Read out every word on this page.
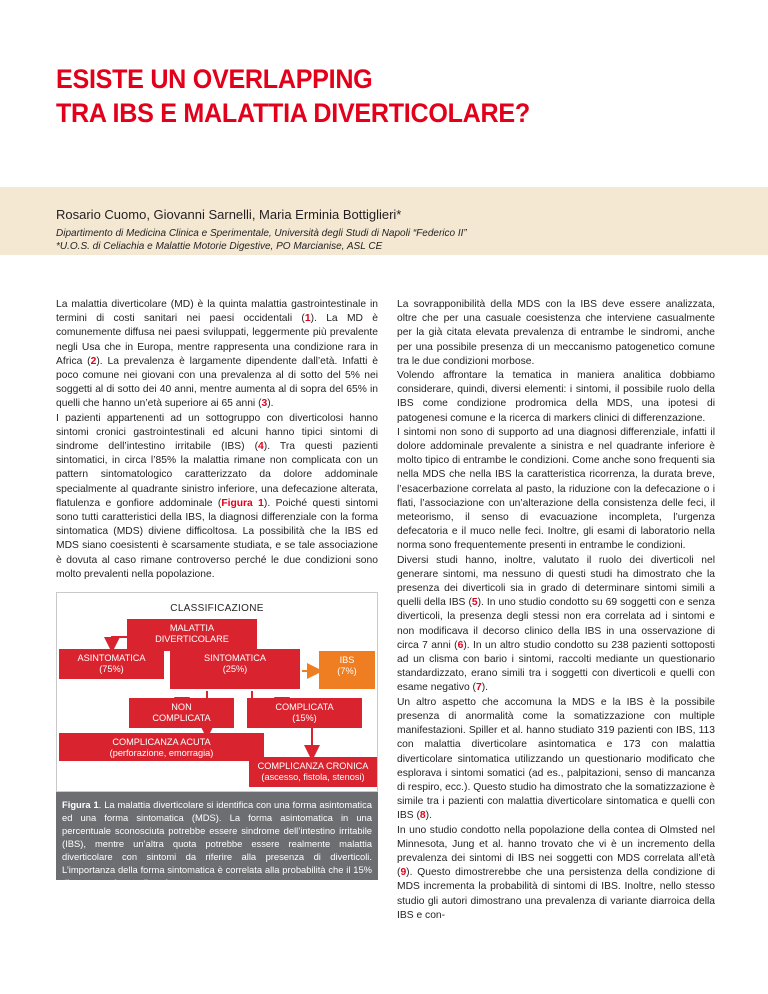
ESISTE UN OVERLAPPING
TRA IBS E MALATTIA DIVERTICOLARE?

Rosario Cuomo, Giovanni Sarnelli, Maria Erminia Bottiglieri*

Dipartimento di Medicina Clinica e Sperimentale, Università degli Studi di Napoli “Federico II”
*U.O.S. di Celiachia e Malattie Motorie Digestive, PO Marcianise, ASL CE

La malattia diverticolare (MD) è la quinta malattia gastrointestinale in termini di costi sanitari nei paesi occidentali (1). La MD è comunemente diffusa nei paesi sviluppati, leggermente più prevalente negli Usa che in Europa, mentre rappresenta una condizione rara in Africa (2). La prevalenza è largamente dipendente dall’età. Infatti è poco comune nei giovani con una prevalenza al di sotto del 5% nei soggetti al di sotto dei 40 anni, mentre aumenta al di sopra del 65% in quelli che hanno un’età superiore ai 65 anni (3).

I pazienti appartenenti ad un sottogruppo con diverticolosi hanno sintomi cronici gastrointestinali ed alcuni hanno tipici sintomi di sindrome dell’intestino irritabile (IBS) (4). Tra questi pazienti sintomatici, in circa l’85% la malattia rimane non complicata con un pattern sintomatologico caratterizzato da dolore addominale specialmente al quadrante sinistro inferiore, una defecazione alterata, flatulenza e gonfiore addominale (Figura 1). Poiché questi sintomi sono tutti caratteristici della IBS, la diagnosi differenziale con la forma sintomatica (MDS) diviene difficoltosa. La possibilità che la IBS ed MDS siano coesistenti è scarsamente studiata, e se tale associazione è dovuta al caso rimane controverso perché le due condizioni sono molto prevalenti nella popolazione.

CLASSIFICAZIONE
MALATTIA
DIVERTICOLARE
ASINTOMATICA
(75%)
SINTOMATICA
(25%)
IBS
(7%)
NON
COMPLICATA
COMPLICATA
(15%)
COMPLICANZA ACUTA
(perforazione, emorragia)
COMPLICANZA CRONICA
(ascesso, fistola, stenosi)
Figura 1. La malattia diverticolare si identifica con una forma asintomatica ed una forma sintomatica (MDS). La forma asintomatica in una percentuale sconosciuta potrebbe essere sindrome dell’intestino irritabile (IBS), mentre un’altra quota potrebbe essere realmente malattia diverticolare con sintomi da riferire alla presenza di diverticoli. L’importanza della forma sintomatica è correlata alla probabilità che il 15% di questa può complicarsi.

La sovrapponibilità della MDS con la IBS deve essere analizzata, oltre che per una casuale coesistenza che interviene casualmente per la già citata elevata prevalenza di entrambe le sindromi, anche per una possibile presenza di un meccanismo patogenetico comune tra le due condizioni morbose.

Volendo affrontare la tematica in maniera analitica dobbiamo considerare, quindi, diversi elementi: i sintomi, il possibile ruolo della IBS come condizione prodromica della MDS, una ipotesi di patogenesi comune e la ricerca di markers clinici di differenzazione.

I sintomi non sono di supporto ad una diagnosi differenziale, infatti il dolore addominale prevalente a sinistra e nel quadrante inferiore è molto tipico di entrambe le condizioni. Come anche sono frequenti sia nella MDS che nella IBS la caratteristica ricorrenza, la durata breve, l’esacerbazione correlata al pasto, la riduzione con la defecazione o i flati, l’associazione con un’alterazione della consistenza delle feci, il meteorismo, il senso di evacuazione incompleta, l’urgenza defecatoria e il muco nelle feci. Inoltre, gli esami di laboratorio nella norma sono frequentemente presenti in entrambe le condizioni.

Diversi studi hanno, inoltre, valutato il ruolo dei diverticoli nel generare sintomi, ma nessuno di questi studi ha dimostrato che la presenza dei diverticoli sia in grado di determinare sintomi simili a quelli della IBS (5). In uno studio condotto su 69 soggetti con e senza diverticoli, la presenza degli stessi non era correlata ad i sintomi e non modificava il decorso clinico della IBS in una osservazione di circa 7 anni (6). In un altro studio condotto su 238 pazienti sottoposti ad un clisma con bario i sintomi, raccolti mediante un questionario standardizzato, erano simili tra i soggetti con diverticoli e quelli con esame negativo (7).

Un altro aspetto che accomuna la MDS e la IBS è la possibile presenza di anormalità come la somatizzazione con multiple manifestazioni. Spiller et al. hanno studiato 319 pazienti con IBS, 113 con malattia diverticolare asintomatica e 173 con malattia diverticolare sintomatica utilizzando un questionario modificato che esplorava i sintomi somatici (ad es., palpitazioni, senso di mancanza di respiro, ecc.). Questo studio ha dimostrato che la somatizzazione è simile tra i pazienti con malattia diverticolare sintomatica e quelli con IBS (8).

In uno studio condotto nella popolazione della contea di Olmsted nel Minnesota, Jung et al. hanno trovato che vi è un incremento della prevalenza dei sintomi di IBS nei soggetti con MDS correlata all’età (9). Questo dimostrerebbe che una persistenza della condizione di MDS incrementa la probabilità di sintomi di IBS. Inoltre, nello stesso studio gli autori dimostrano una prevalenza di variante diarroica della IBS e con-
